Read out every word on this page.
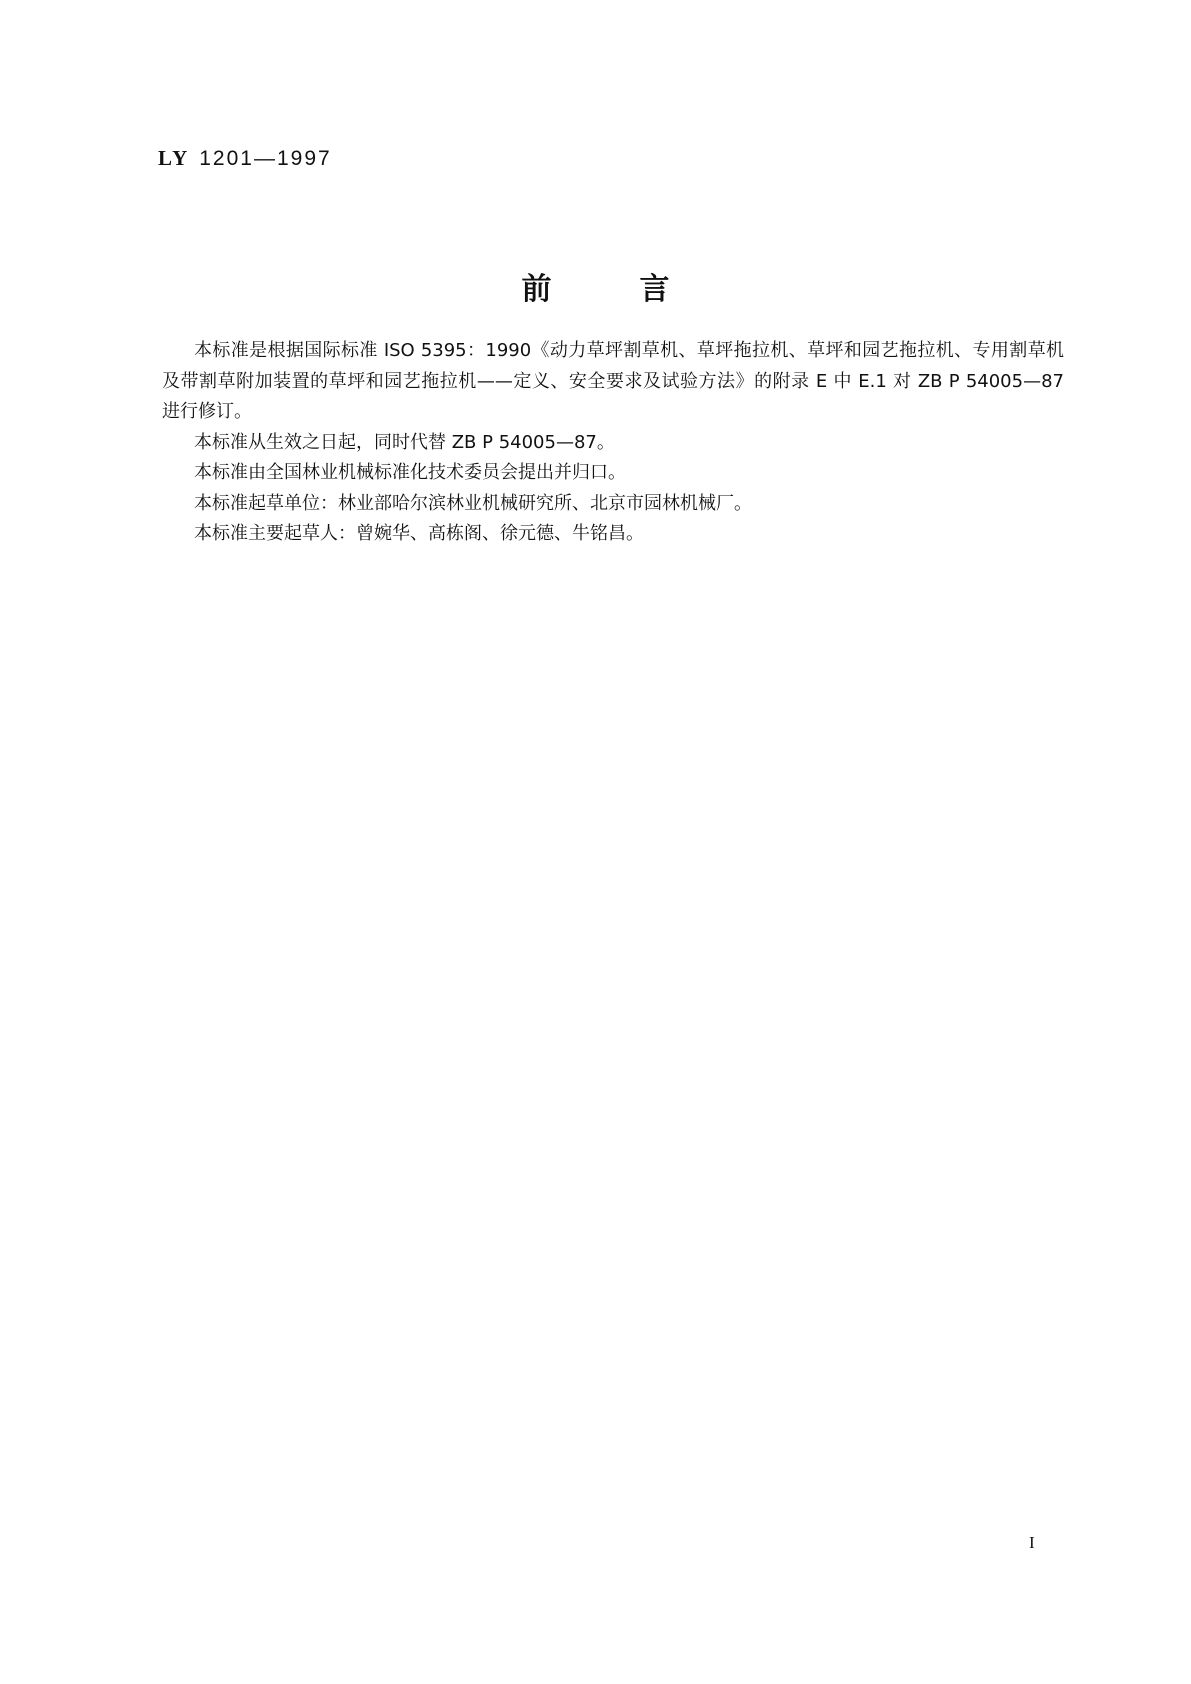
LY 1201—1997
前言

本标准是根据国际标准 ISO 5395：1990《动力草坪割草机、草坪拖拉机、草坪和园艺拖拉机、专用割草机及带割草附加装置的草坪和园艺拖拉机——定义、安全要求及试验方法》的附录 E 中 E.1 对 ZB P 54005—87 进行修订。

本标准从生效之日起，同时代替 ZB P 54005—87。

本标准由全国林业机械标准化技术委员会提出并归口。

本标准起草单位：林业部哈尔滨林业机械研究所、北京市园林机械厂。

本标准主要起草人：曾婉华、高栋阁、徐元德、牛铭昌。

I
